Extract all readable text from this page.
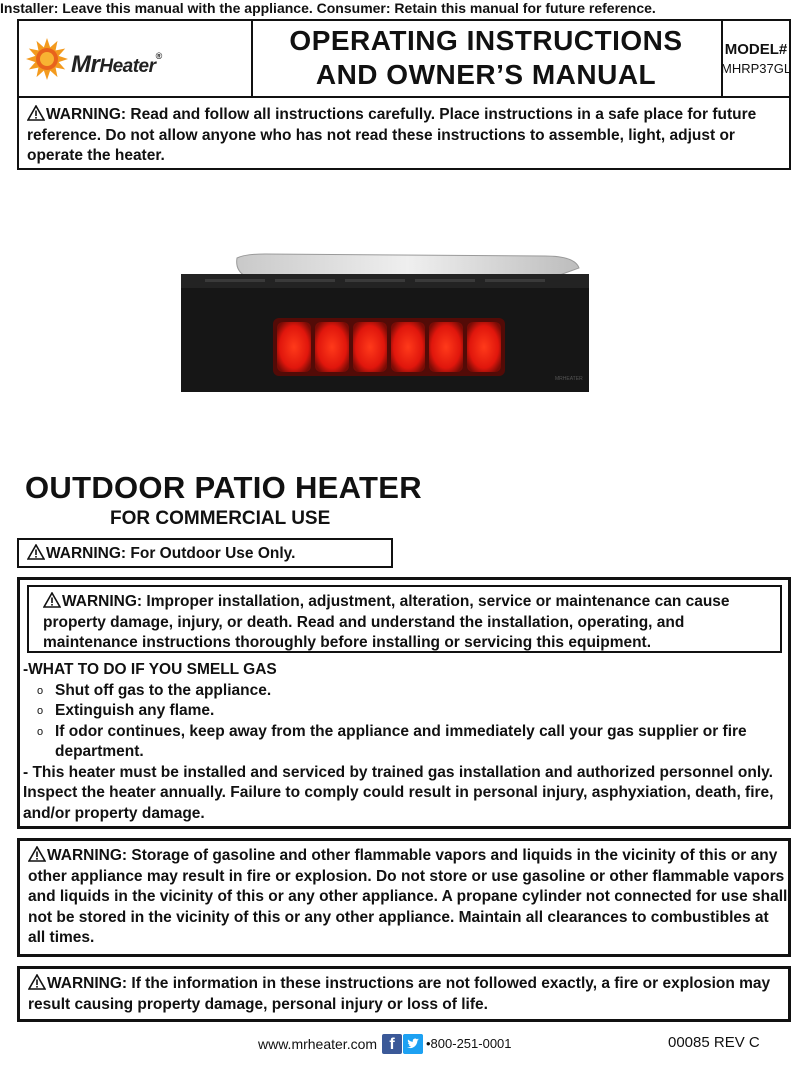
Installer: Leave this manual with the appliance. Consumer: Retain this manual for future reference.
MrHeater®	OPERATING INSTRUCTIONS
AND OWNER’S MANUAL
MODEL#
MHRP37GL
WARNING: Read and follow all instructions carefully. Place instructions in a safe place for future reference. Do not allow anyone who has not read these instructions to assemble, light, adjust or operate the heater.
MRHEATER
OUTDOOR PATIO HEATER
FOR COMMERCIAL USE
WARNING: For Outdoor Use Only.
WARNING: Improper installation, adjustment, alteration, service or maintenance can cause property damage, injury, or death. Read and understand the installation, operating, and maintenance instructions thoroughly before installing or servicing this equipment.
-WHAT TO DO IF YOU SMELL GAS
o Shut off gas to the appliance.
o Extinguish any flame.
o If odor continues, keep away from the appliance and immediately call your gas supplier or fire department.
- This heater must be installed and serviced by trained gas installation and authorized personnel only. Inspect the heater annually. Failure to comply could result in personal injury, asphyxiation, death, fire, and/or property damage.
WARNING: Storage of gasoline and other flammable vapors and liquids in the vicinity of this or any other appliance may result in fire or explosion. Do not store or use gasoline or other flammable vapors and liquids in the vicinity of this or any other appliance. A propane cylinder not connected for use shall not be stored in the vicinity of this or any other appliance. Maintain all clearances to combustibles at all times.
WARNING: If the information in these instructions are not followed exactly, a fire or explosion may result causing property damage, personal injury or loss of life.
www.mrheater.com f	•800-251-0001	00085 REV C
